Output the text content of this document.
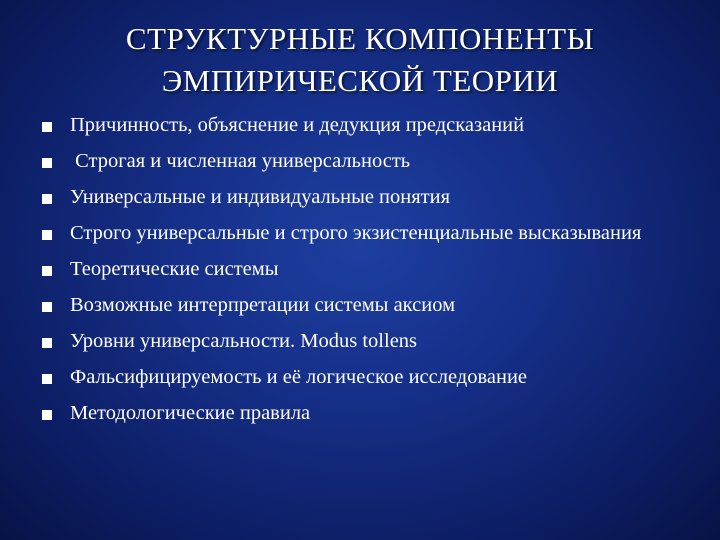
СТРУКТУРНЫЕ КОМПОНЕНТЫ
ЭМПИРИЧЕСКОЙ ТЕОРИИ
Причинность, объяснение и дедукция предсказаний
Строгая и численная универсальность
Универсальные и индивидуальные понятия
Строго универсальные и строго экзистенциальные высказывания
Теоретические системы
Возможные интерпретации системы аксиом
Уровни универсальности. Modus tollens
Фальсифицируемость и её логическое исследование
Методологические правила
